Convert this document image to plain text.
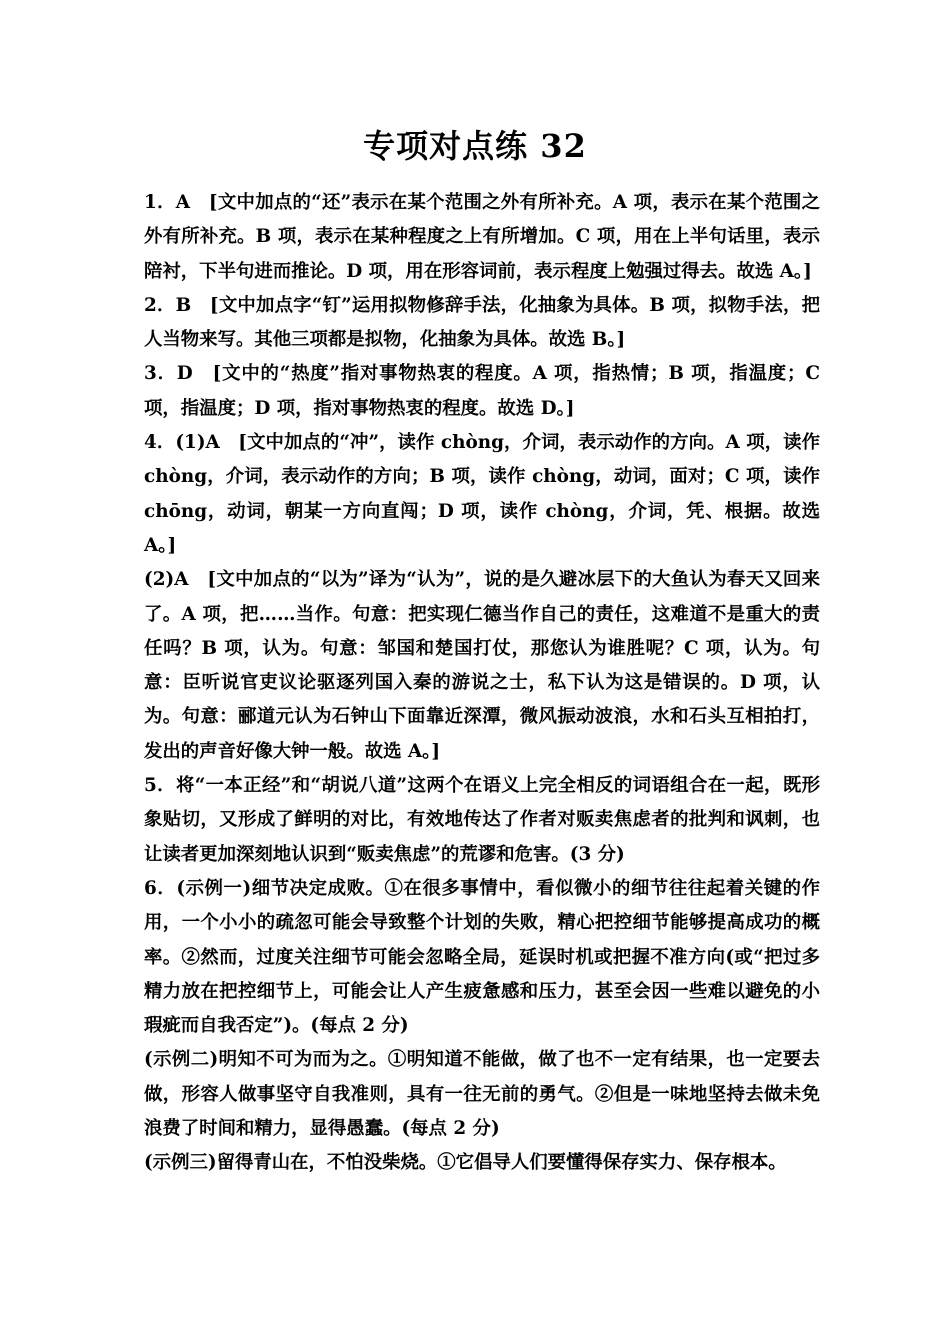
专项对点练 32

1．A　[文中加点的“还”表示在某个范围之外有所补充。A 项，表示在某个范围之外有所补充。B 项，表示在某种程度之上有所增加。C 项，用在上半句话里，表示陪衬，下半句进而推论。D 项，用在形容词前，表示程度上勉强过得去。故选 A。]

2．B　[文中加点字“钉”运用拟物修辞手法，化抽象为具体。B 项，拟物手法，把人当物来写。其他三项都是拟物，化抽象为具体。故选 B。]

3．D　[文中的“热度”指对事物热衷的程度。A 项，指热情；B 项，指温度；C 项，指温度；D 项，指对事物热衷的程度。故选 D。]

4．(1)A　[文中加点的“冲”，读作 chòng，介词，表示动作的方向。A 项，读作 chòng，介词，表示动作的方向；B 项，读作 chòng，动词，面对；C 项，读作 chōng，动词，朝某一方向直闯；D 项，读作 chòng，介词，凭、根据。故选 A。]

(2)A　[文中加点的“以为”译为“认为”，说的是久避冰层下的大鱼认为春天又回来了。A 项，把……当作。句意：把实现仁德当作自己的责任，这难道不是重大的责任吗？B 项，认为。句意：邹国和楚国打仗，那您认为谁胜呢？C 项，认为。句意：臣听说官吏议论驱逐列国入秦的游说之士，私下认为这是错误的。D 项，认为。句意：郦道元认为石钟山下面靠近深潭，微风振动波浪，水和石头互相拍打，发出的声音好像大钟一般。故选 A。]

5．将“一本正经”和“胡说八道”这两个在语义上完全相反的词语组合在一起，既形象贴切，又形成了鲜明的对比，有效地传达了作者对贩卖焦虑者的批判和讽刺，也让读者更加深刻地认识到“贩卖焦虑”的荒谬和危害。(3 分)

6．(示例一)细节决定成败。①在很多事情中，看似微小的细节往往起着关键的作用，一个小小的疏忽可能会导致整个计划的失败，精心把控细节能够提高成功的概率。②然而，过度关注细节可能会忽略全局，延误时机或把握不准方向(或“把过多精力放在把控细节上，可能会让人产生疲惫感和压力，甚至会因一些难以避免的小瑕疵而自我否定”)。(每点 2 分)

(示例二)明知不可为而为之。①明知道不能做，做了也不一定有结果，也一定要去做，形容人做事坚守自我准则，具有一往无前的勇气。②但是一味地坚持去做未免浪费了时间和精力，显得愚蠢。(每点 2 分)

(示例三)留得青山在，不怕没柴烧。①它倡导人们要懂得保存实力、保存根本。
